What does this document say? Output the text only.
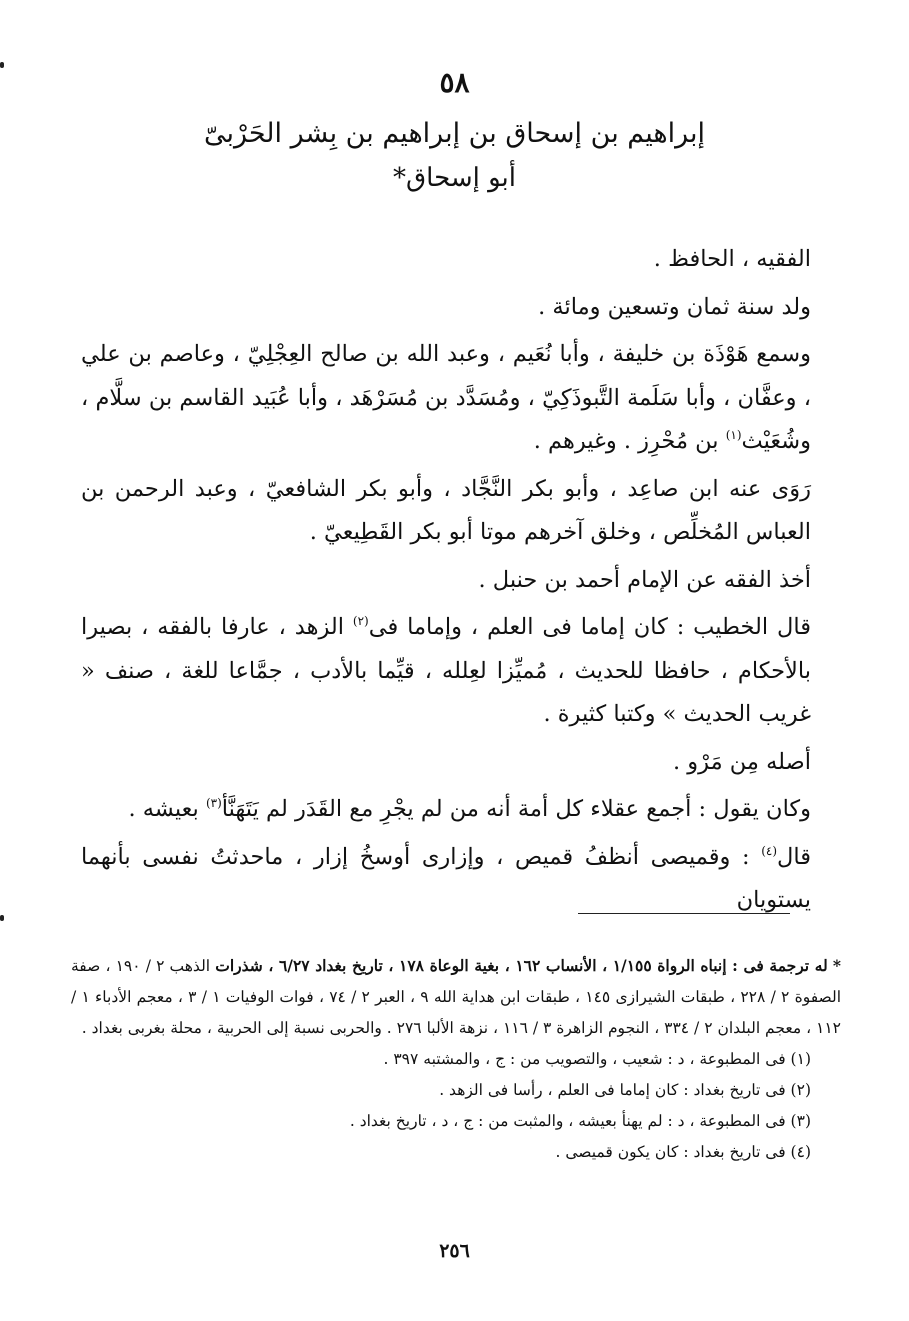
٥٨
إبراهيم بن إسحاق بن إبراهيم بن بِشر الحَرْبىّ
أبو إسحاق*

الفقيه ، الحافظ .

ولد سنة ثمان وتسعين ومائة .

وسمع هَوْذَة بن خليفة ، وأبا نُعَيم ، وعبد الله بن صالح العِجْلِيّ ، وعاصم بن علي ، وعفَّان ، وأبا سَلَمة التَّبوذَكِيّ ، ومُسَدَّد بن مُسَرْهَد ، وأبا عُبَيد القاسم بن سلَّام ، وشُعَيْث$^{(١)}$ بن مُحْرِز . وغيرهم .

رَوَى عنه ابن صاعِد ، وأبو بكر النَّجَّاد ، وأبو بكر الشافعيّ ، وعبد الرحمن بن العباس المُخلِّص ، وخلق آخرهم موتا أبو بكر القَطِيعيّ .

أخذ الفقه عن الإمام أحمد بن حنبل .

قال الخطيب : كان إماما فى العلم ، وإماما فى$^{(٢)}$ الزهد ، عارفا بالفقه ، بصيرا بالأحكام ، حافظا للحديث ، مُميِّزا لعِلله ، قيِّما بالأدب ، جمَّاعا للغة ، صنف « غريب الحديث » وكتبا كثيرة .

أصله مِن مَرْو .

وكان يقول : أجمع عقلاء كل أمة أنه من لم يجْرِ مع القَدَر لم يَتَهَنَّأ$^{(٣)}$ بعيشه .

قال$^{(٤)}$ : وقميصى أنظفُ قميص ، وإزارى أوسخُ إزار ، ماحدثتُ نفسى بأنهما يستويان

* له ترجمة فى : إنباه الرواة ١/١٥٥ ، الأنساب ١٦٢ ، بغية الوعاة ١٧٨ ، تاريخ بغداد ٦/٢٧ ، شذرات الذهب ٢ / ١٩٠ ، صفة الصفوة ٢ / ٢٢٨ ، طبقات الشيرازى ١٤٥ ، طبقات ابن هداية الله ٩ ، العبر ٢ / ٧٤ ، فوات الوفيات ١ / ٣ ، معجم الأدباء ١ / ١١٢ ، معجم البلدان ٢ / ٣٣٤ ، النجوم الزاهرة ٣ / ١١٦ ، نزهة الألبا ٢٧٦ . والحربى نسبة إلى الحربية ، محلة بغربى بغداد .

(١) فى المطبوعة ، د : شعيب ، والتصويب من : ج ، والمشتبه ٣٩٧ .

(٢) فى تاريخ بغداد : كان إماما فى العلم ، رأسا فى الزهد .

(٣) فى المطبوعة ، د : لم يهنأ بعيشه ، والمثبت من : ج ، د ، تاريخ بغداد .

(٤) فى تاريخ بغداد : كان يكون قميصى .

٢٥٦
